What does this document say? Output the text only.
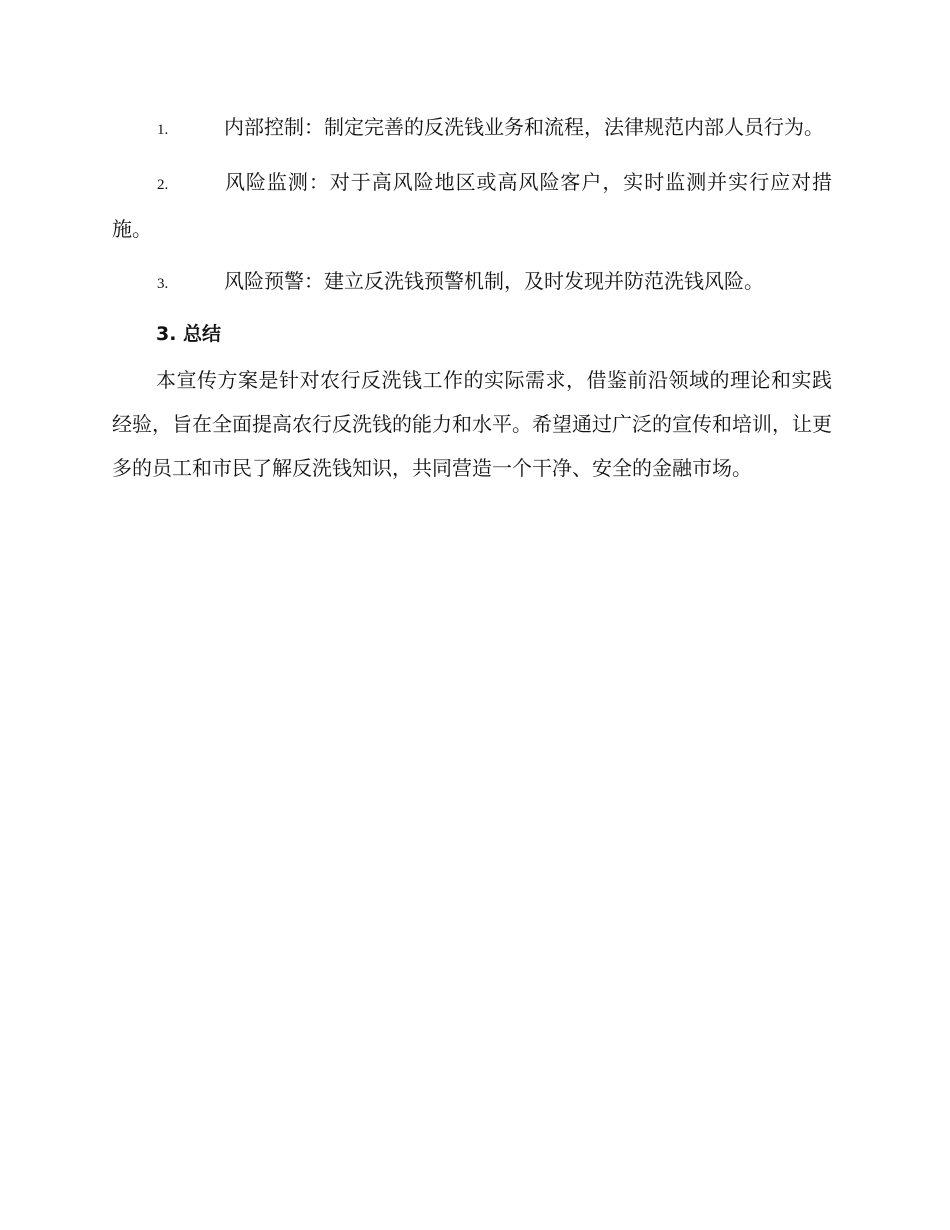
1.	内部控制：制定完善的反洗钱业务和流程，法律规范内部人员行为。

2.	风险监测：对于高风险地区或高风险客户，实时监测并实行应对措施。

3.	风险预警：建立反洗钱预警机制，及时发现并防范洗钱风险。

3. 总结

本宣传方案是针对农行反洗钱工作的实际需求，借鉴前沿领域的理论和实践经验，旨在全面提高农行反洗钱的能力和水平。希望通过广泛的宣传和培训，让更多的员工和市民了解反洗钱知识，共同营造一个干净、安全的金融市场。
